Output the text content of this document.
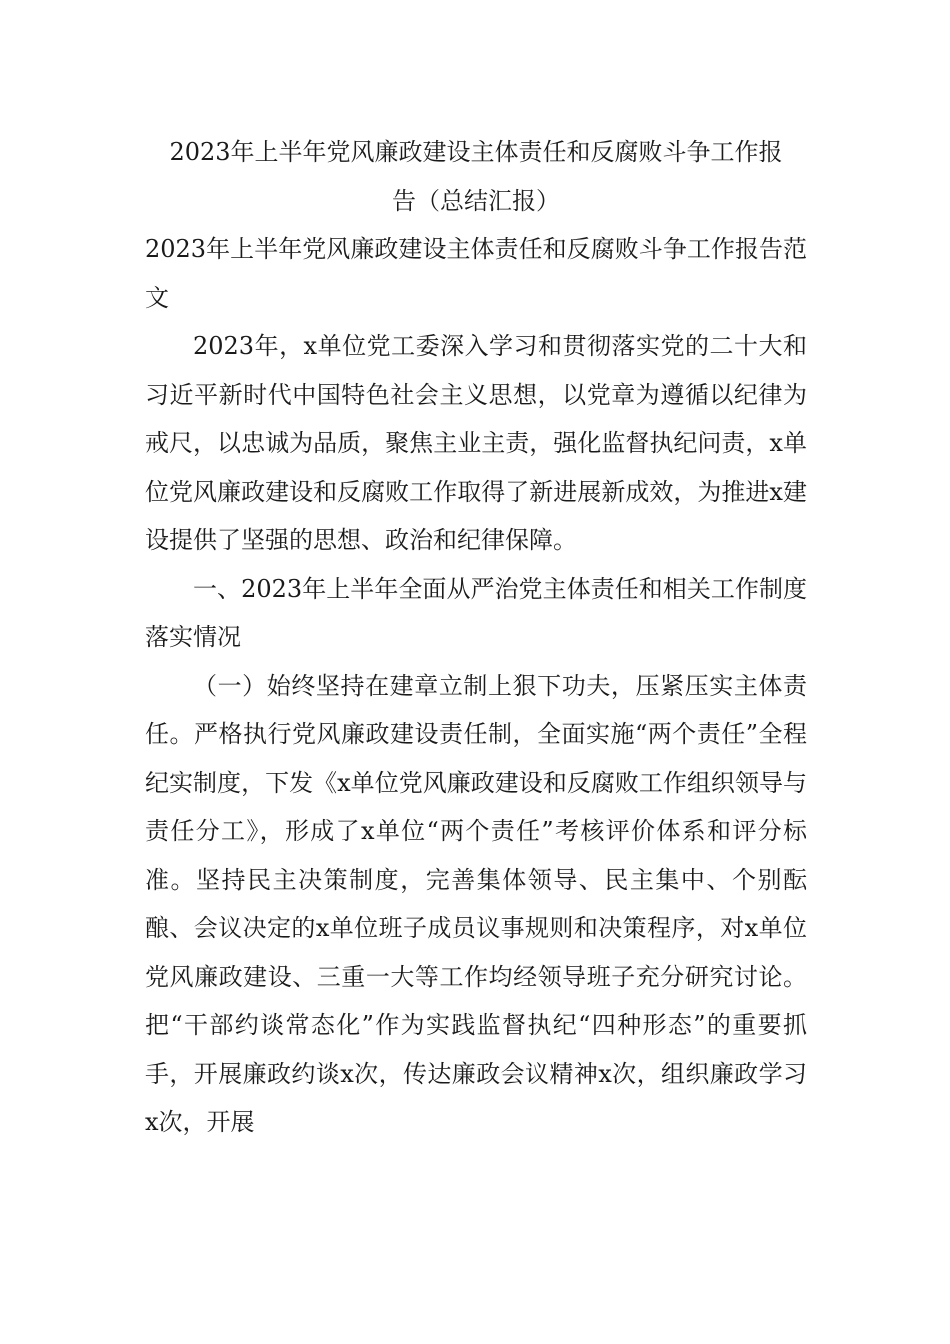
2023年上半年党风廉政建设主体责任和反腐败斗争工作报
告（总结汇报）

2023年上半年党风廉政建设主体责任和反腐败斗争工作报告范文

2023年，x单位党工委深入学习和贯彻落实党的二十大和习近平新时代中国特色社会主义思想，以党章为遵循以纪律为戒尺，以忠诚为品质，聚焦主业主责，强化监督执纪问责，x单位党风廉政建设和反腐败工作取得了新进展新成效，为推进x建设提供了坚强的思想、政治和纪律保障。

一、2023年上半年全面从严治党主体责任和相关工作制度落实情况

（一）始终坚持在建章立制上狠下功夫，压紧压实主体责任。严格执行党风廉政建设责任制，全面实施“两个责任”全程纪实制度，下发《x单位党风廉政建设和反腐败工作组织领导与责任分工》，形成了x单位“两个责任”考核评价体系和评分标准。坚持民主决策制度，完善集体领导、民主集中、个别酝酿、会议决定的x单位班子成员议事规则和决策程序，对x单位党风廉政建设、三重一大等工作均经领导班子充分研究讨论。把“干部约谈常态化”作为实践监督执纪“四种形态”的重要抓手，开展廉政约谈x次，传达廉政会议精神x次，组织廉政学习x次，开展
